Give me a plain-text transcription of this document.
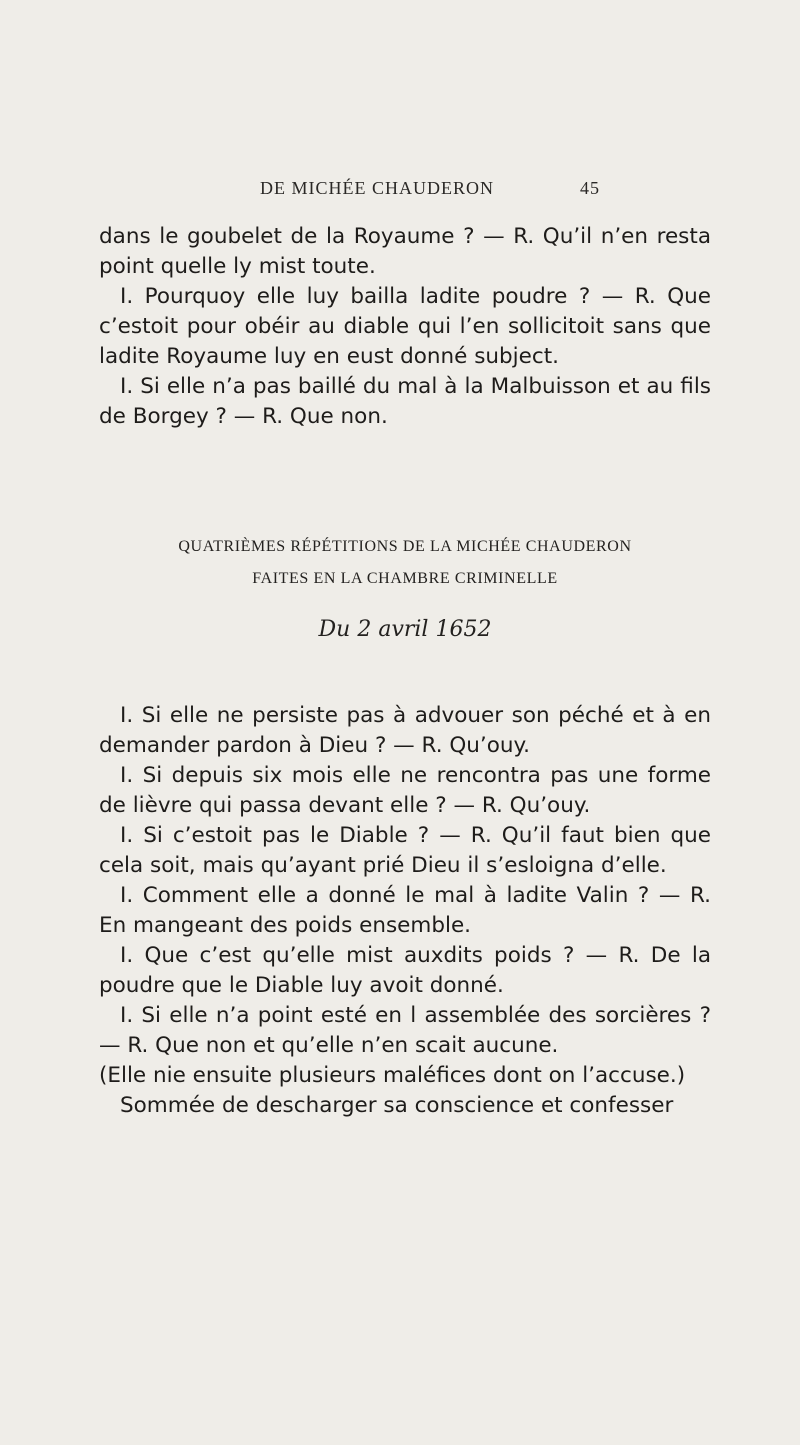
DE MICHÉE CHAUDERON	45

dans le goubelet de la Royaume ? — R. Qu’il n’en resta point quelle ly mist toute.

I. Pourquoy elle luy bailla ladite poudre ? — R. Que c’estoit pour obéir au diable qui l’en sollicitoit sans que ladite Royaume luy en eust donné subject.

I. Si elle n’a pas baillé du mal à la Malbuisson et au fils de Borgey ? — R. Que non.

QUATRIÈMES RÉPÉTITIONS DE LA MICHÉE CHAUDERON
FAITES EN LA CHAMBRE CRIMINELLE
Du 2 avril 1652

I. Si elle ne persiste pas à advouer son péché et à en demander pardon à Dieu ? — R. Qu’ouy.

I. Si depuis six mois elle ne rencontra pas une forme de lièvre qui passa devant elle ? — R. Qu’ouy.

I. Si c’estoit pas le Diable ? — R. Qu’il faut bien que cela soit, mais qu’ayant prié Dieu il s’esloigna d’elle.

I. Comment elle a donné le mal à ladite Valin ? — R. En mangeant des poids ensemble.

I. Que c’est qu’elle mist auxdits poids ? — R. De la poudre que le Diable luy avoit donné.

I. Si elle n’a point esté en l assemblée des sorcières ? — R. Que non et qu’elle n’en scait aucune.

(Elle nie ensuite plusieurs maléfices dont on l’accuse.)

Sommée de descharger sa conscience et confesser
